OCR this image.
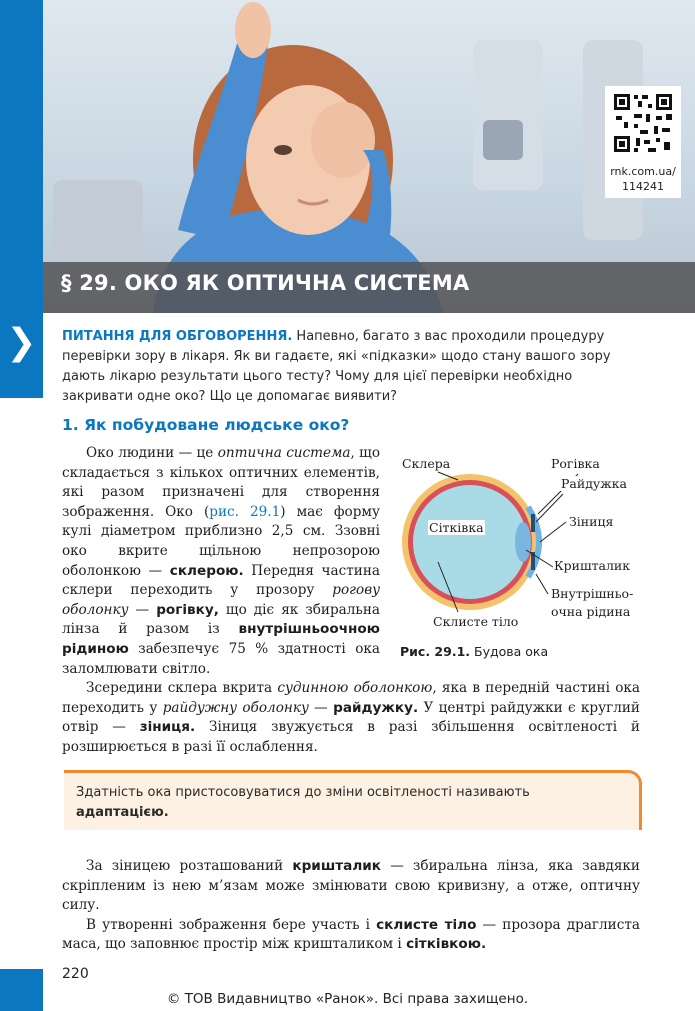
❯
rnk.com.ua/
114241
§ 29. ОКО ЯК ОПТИЧНА СИСТЕМА
ПИТАННЯ ДЛЯ ОБГОВОРЕННЯ. Напевно, багато з вас проходили процедуру перевірки зору в лікаря. Як ви гадаєте, які «підказки» щодо стану вашого зору дають лікарю результати цього тесту? Чому для цієї перевірки необхідно закривати одне око? Що це допомагає виявити?
1. Як побудоване людське око?

Око людини — це оптична система, що складається з кількох оптичних елементів, які разом призначені для створення зображення. Око (рис. 29.1) має форму кулі діаметром приблизно 2,5 см. Ззовні око вкрите щільною непрозорою оболонкою — склерою. Передня частина склери переходить у прозору рогову оболонку — рогівку, що діє як збиральна лінза й разом із внутрішньоочною рідиною забезпечує 75 % здатності ока заломлювати світло.

Склера	Рогівка
Райдужка
Сітківка	Зіниця
Кришталик
Внутрішньо-
очна рідина
Склисте тіло
Рис. 29.1. Будова ока

Зсередини склера вкрита судинною оболонкою, яка в передній частині ока переходить у райдужну оболонку — райдужку. У центрі райдужки є круглий отвір — зіниця. Зіниця звужується в разі збільшення освітленості й розширюється в разі її ослаблення.

Здатність ока пристосовуватися до зміни освітленості називають адаптацією.

За зіницею розташований кришталик — збиральна лінза, яка завдяки скріпленим із нею м’язам може змінювати свою кривизну, а отже, оптичну силу.
В утворенні зображення бере участь і склисте тіло — прозора драглиста маса, що заповнює простір між кришталиком і сітківкою.

220
© ТОВ Видавництво «Ранок». Всі права захищено.
